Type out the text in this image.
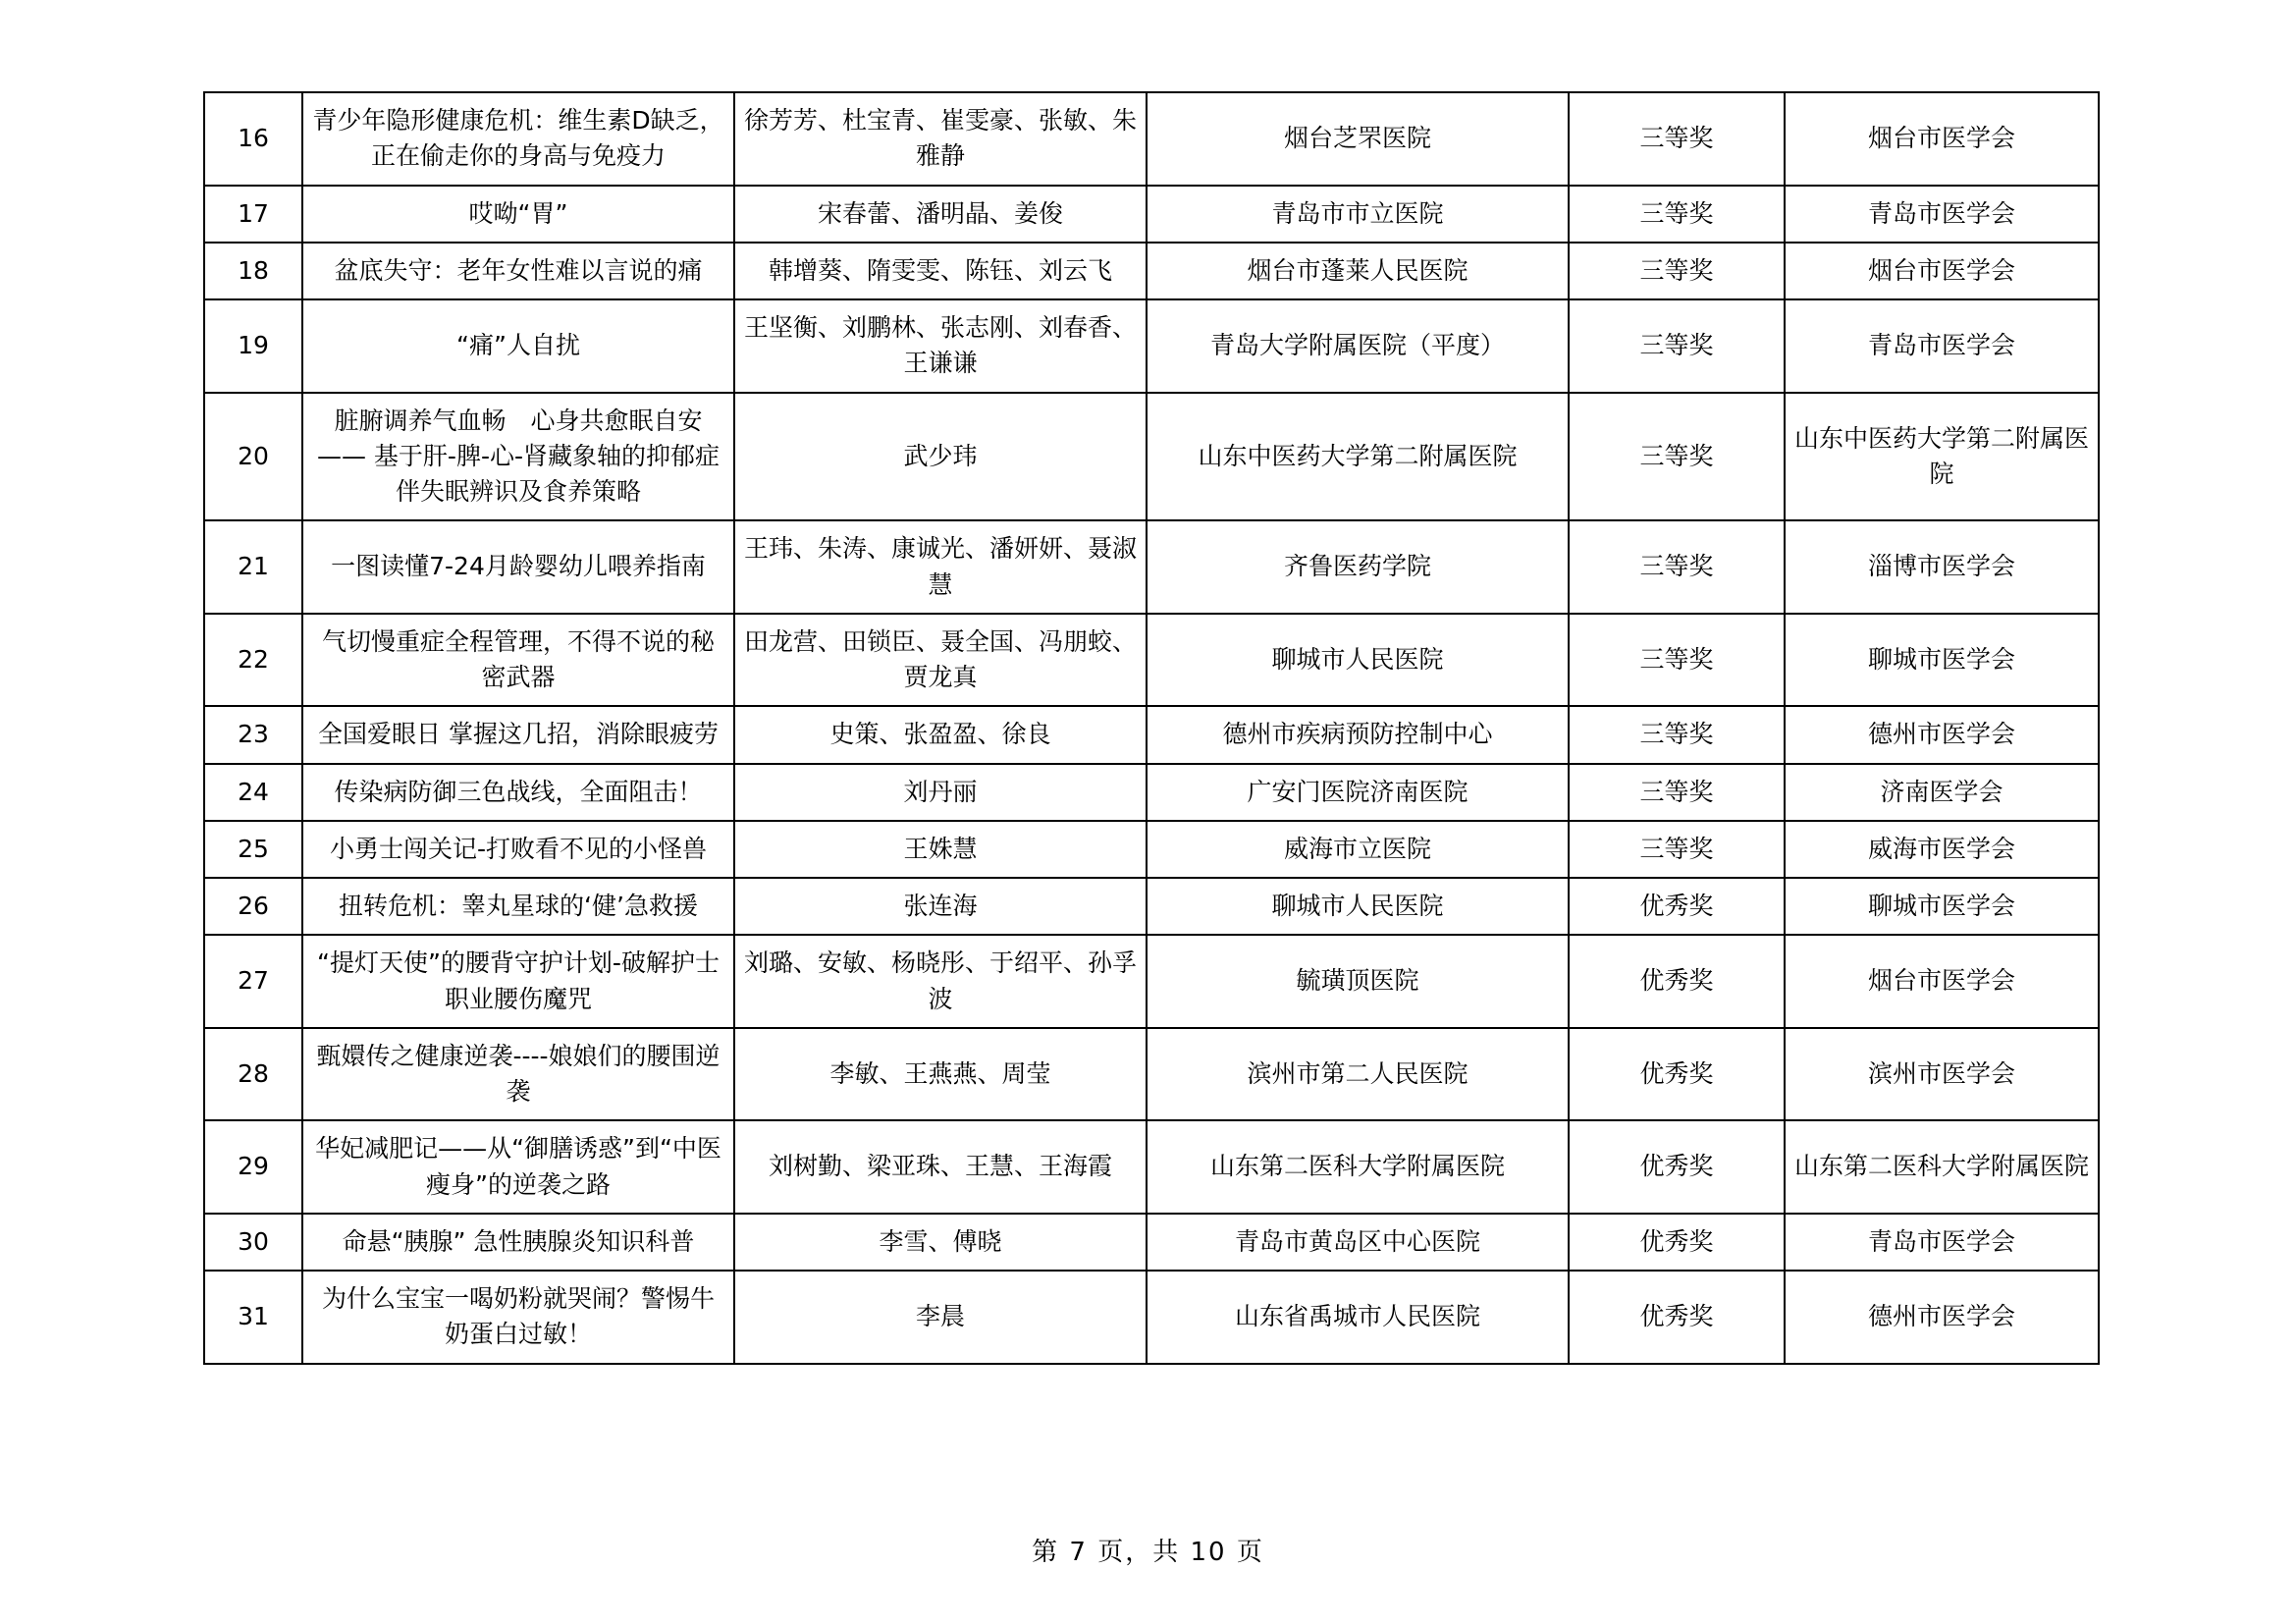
16	青少年隐形健康危机：维生素D缺乏，正在偷走你的身高与免疫力	徐芳芳、杜宝青、崔雯豪、张敏、朱雅静	烟台芝罘医院	三等奖	烟台市医学会
17	哎呦“胃”	宋春蕾、潘明晶、姜俊	青岛市市立医院	三等奖	青岛市医学会
18	盆底失守：老年女性难以言说的痛	韩增葵、隋雯雯、陈钰、刘云飞	烟台市蓬莱人民医院	三等奖	烟台市医学会
19	“痛”人自扰	王坚衡、刘鹏林、张志刚、刘春香、王谦谦	青岛大学附属医院（平度）	三等奖	青岛市医学会
20	脏腑调养气血畅　心身共愈眠自安—— 基于肝-脾-心-肾藏象轴的抑郁症伴失眠辨识及食养策略	武少玮	山东中医药大学第二附属医院	三等奖	山东中医药大学第二附属医院
21	一图读懂7-24月龄婴幼儿喂养指南	王玮、朱涛、康诚光、潘妍妍、聂淑慧	齐鲁医药学院	三等奖	淄博市医学会
22	气切慢重症全程管理，不得不说的秘密武器	田龙营、田锁臣、聂全国、冯朋蛟、贾龙真	聊城市人民医院	三等奖	聊城市医学会
23	全国爱眼日 掌握这几招，消除眼疲劳	史策、张盈盈、徐良	德州市疾病预防控制中心	三等奖	德州市医学会
24	传染病防御三色战线，全面阻击！	刘丹丽	广安门医院济南医院	三等奖	济南医学会
25	小勇士闯关记-打败看不见的小怪兽	王姝慧	威海市立医院	三等奖	威海市医学会
26	扭转危机：睾丸星球的‘健’急救援	张连海	聊城市人民医院	优秀奖	聊城市医学会
27	“提灯天使”的腰背守护计划-破解护士职业腰伤魔咒	刘璐、安敏、杨晓彤、于绍平、孙孚波	毓璜顶医院	优秀奖	烟台市医学会
28	甄嬛传之健康逆袭----娘娘们的腰围逆袭	李敏、王燕燕、周莹	滨州市第二人民医院	优秀奖	滨州市医学会
29	华妃减肥记——从“御膳诱惑”到“中医瘦身”的逆袭之路	刘树勤、梁亚珠、王慧、王海霞	山东第二医科大学附属医院	优秀奖	山东第二医科大学附属医院
30	命悬“胰腺” 急性胰腺炎知识科普	李雪、傅晓	青岛市黄岛区中心医院	优秀奖	青岛市医学会
31	为什么宝宝一喝奶粉就哭闹？警惕牛奶蛋白过敏！	李晨	山东省禹城市人民医院	优秀奖	德州市医学会
第 7 页，共 10 页
